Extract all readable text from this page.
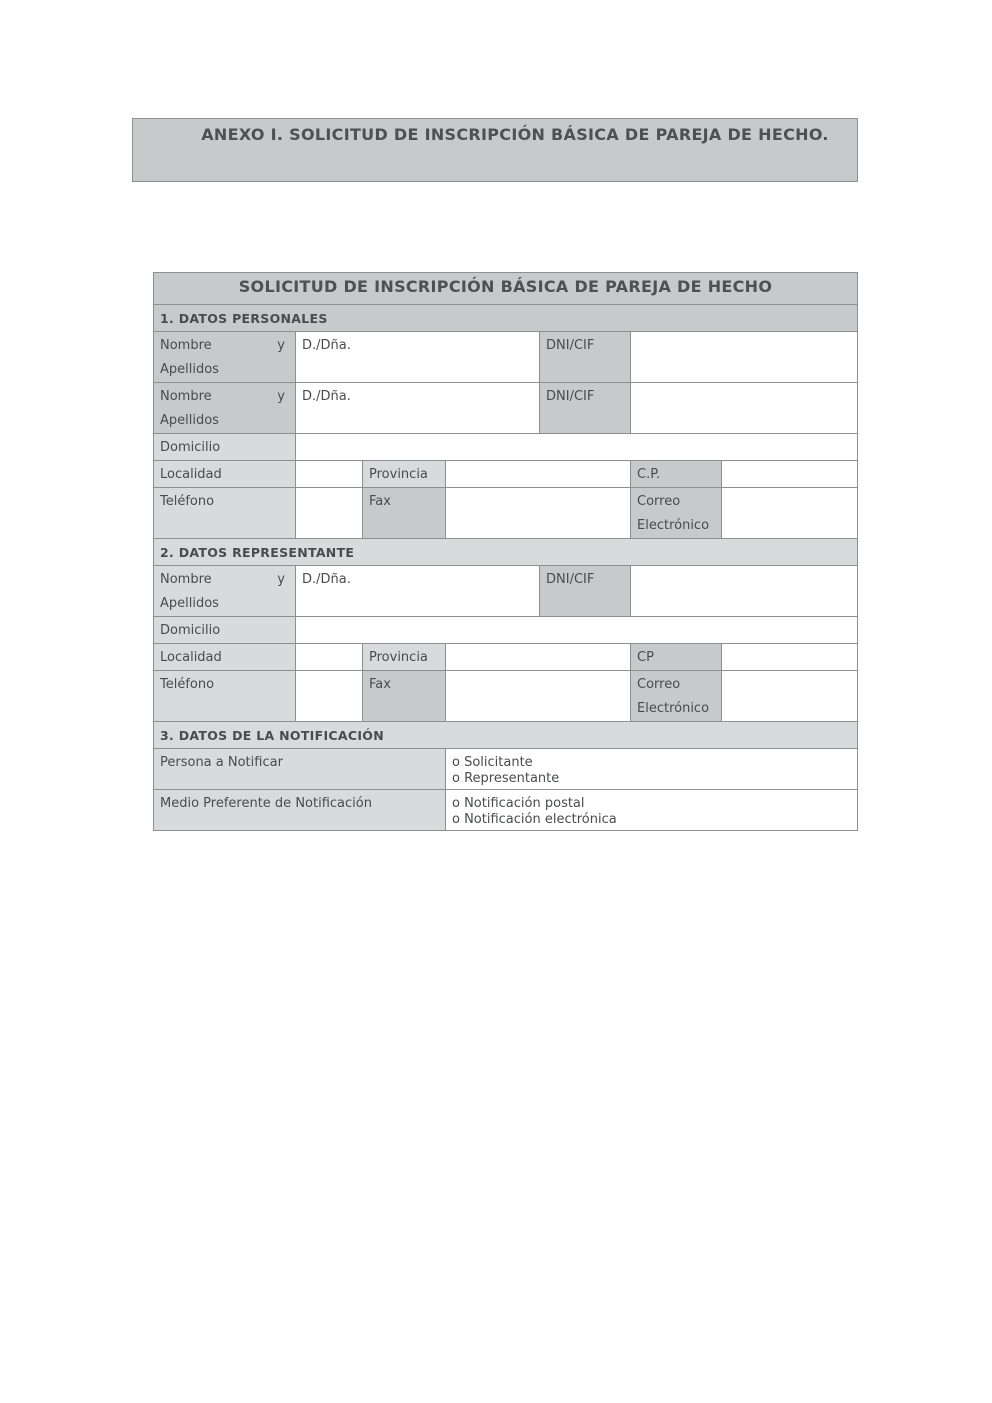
ANEXO I. SOLICITUD DE INSCRIPCIÓN BÁSICA DE PAREJA DE HECHO.
SOLICITUD DE INSCRIPCIÓN BÁSICA DE PAREJA DE HECHO						
1. DATOS PERSONALES						
Nombre y

Apellidos	D./Dña.			DNI/CIF		
Nombre y

Apellidos	D./Dña.			DNI/CIF		
Domicilio						
Localidad		Provincia			C.P.	
Teléfono		Fax			Correo
Electrónico	
2. DATOS REPRESENTANTE						
Nombre y

Apellidos	D./Dña.			DNI/CIF		
Domicilio						
Localidad		Provincia			CP	
Teléfono		Fax			Correo
Electrónico	
3. DATOS DE LA NOTIFICACIÓN						
Persona a Notificar			o Solicitante
o Representante			

Medio Preferente de Notificación			o Notificación postal
o Notificación electrónica			
